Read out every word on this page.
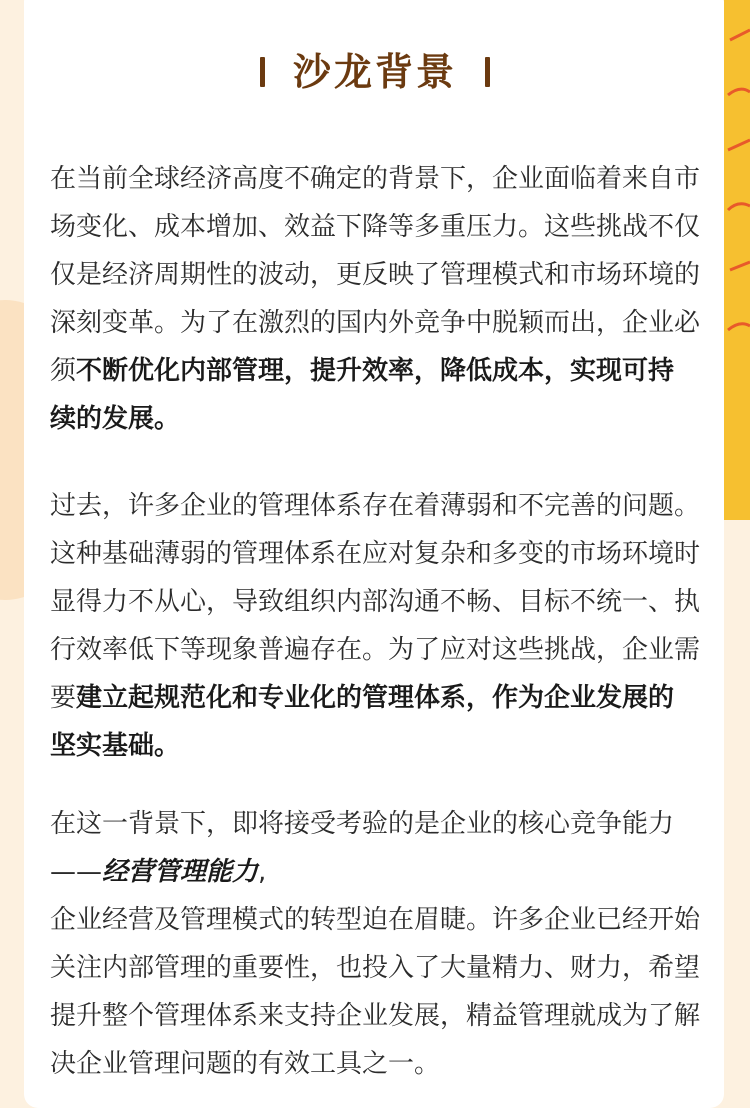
沙龙背景

在当前全球经济高度不确定的背景下，企业面临着来自市场变化、成本增加、效益下降等多重压力。这些挑战不仅仅是经济周期性的波动，更反映了管理模式和市场环境的深刻变革。为了在激烈的国内外竞争中脱颖而出，企业必须不断优化内部管理，提升效率，降低成本，实现可持续的发展。

过去，许多企业的管理体系存在着薄弱和不完善的问题。这种基础薄弱的管理体系在应对复杂和多变的市场环境时显得力不从心，导致组织内部沟通不畅、目标不统一、执行效率低下等现象普遍存在。为了应对这些挑战，企业需要建立起规范化和专业化的管理体系，作为企业发展的坚实基础。

在这一背景下，即将接受考验的是企业的核心竞争能力——经营管理能力,
企业经营及管理模式的转型迫在眉睫。许多企业已经开始关注内部管理的重要性，也投入了大量精力、财力，希望提升整个管理体系来支持企业发展，精益管理就成为了解决企业管理问题的有效工具之一。
